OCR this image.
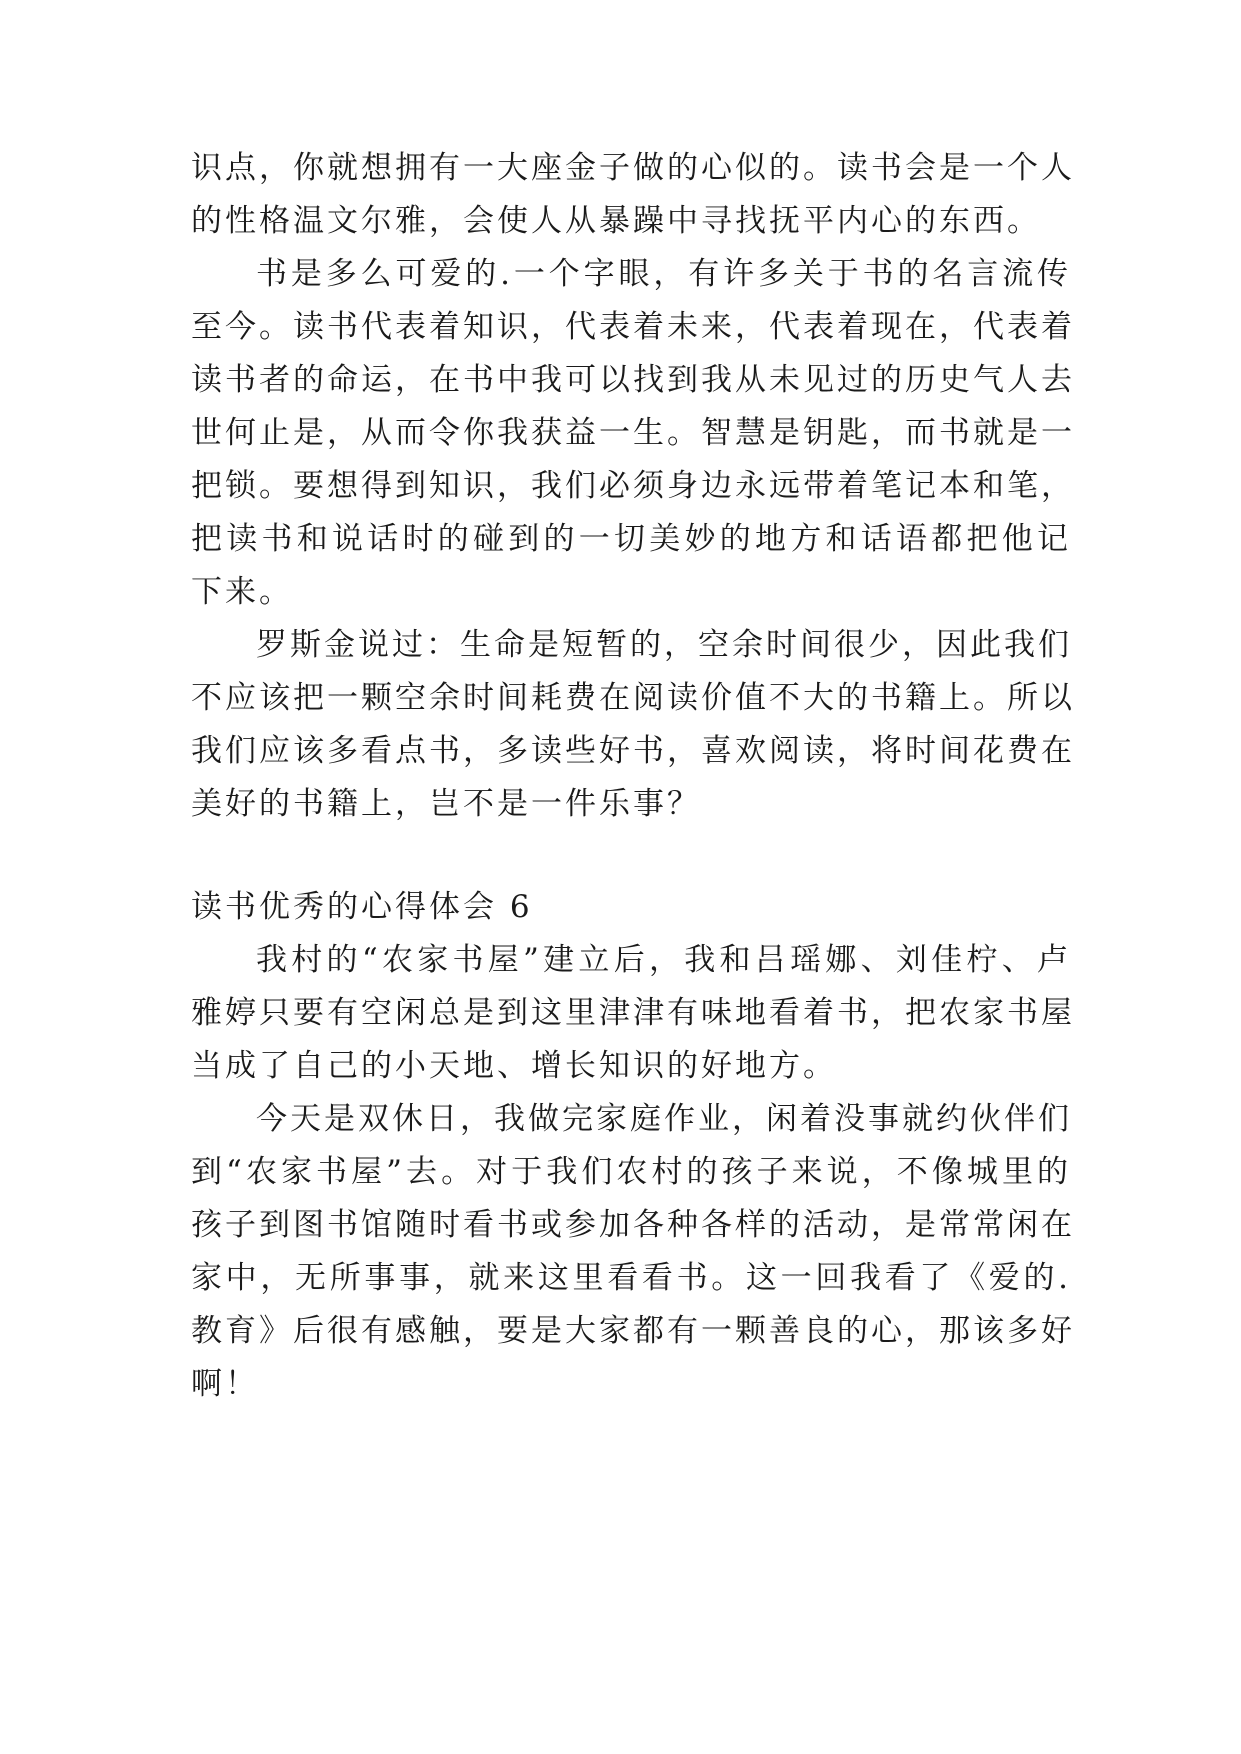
识点，你就想拥有一大座金子做的心似的。读书会是一个人
的性格温文尔雅，会使人从暴躁中寻找抚平内心的东西。
书是多么可爱的.一个字眼，有许多关于书的名言流传
至今。读书代表着知识，代表着未来，代表着现在，代表着
读书者的命运，在书中我可以找到我从未见过的历史气人去
世何止是，从而令你我获益一生。智慧是钥匙，而书就是一
把锁。要想得到知识，我们必须身边永远带着笔记本和笔，
把读书和说话时的碰到的一切美妙的地方和话语都把他记
下来。
罗斯金说过：生命是短暂的，空余时间很少，因此我们
不应该把一颗空余时间耗费在阅读价值不大的书籍上。所以
我们应该多看点书，多读些好书，喜欢阅读，将时间花费在
美好的书籍上，岂不是一件乐事？
读书优秀的心得体会 6
我村的“农家书屋”建立后，我和吕瑶娜、刘佳柠、卢
雅婷只要有空闲总是到这里津津有味地看着书，把农家书屋
当成了自己的小天地、增长知识的好地方。
今天是双休日，我做完家庭作业，闲着没事就约伙伴们
到“农家书屋”去。对于我们农村的孩子来说，不像城里的
孩子到图书馆随时看书或参加各种各样的活动，是常常闲在
家中，无所事事，就来这里看看书。这一回我看了《爱的.
教育》后很有感触，要是大家都有一颗善良的心，那该多好
啊！
